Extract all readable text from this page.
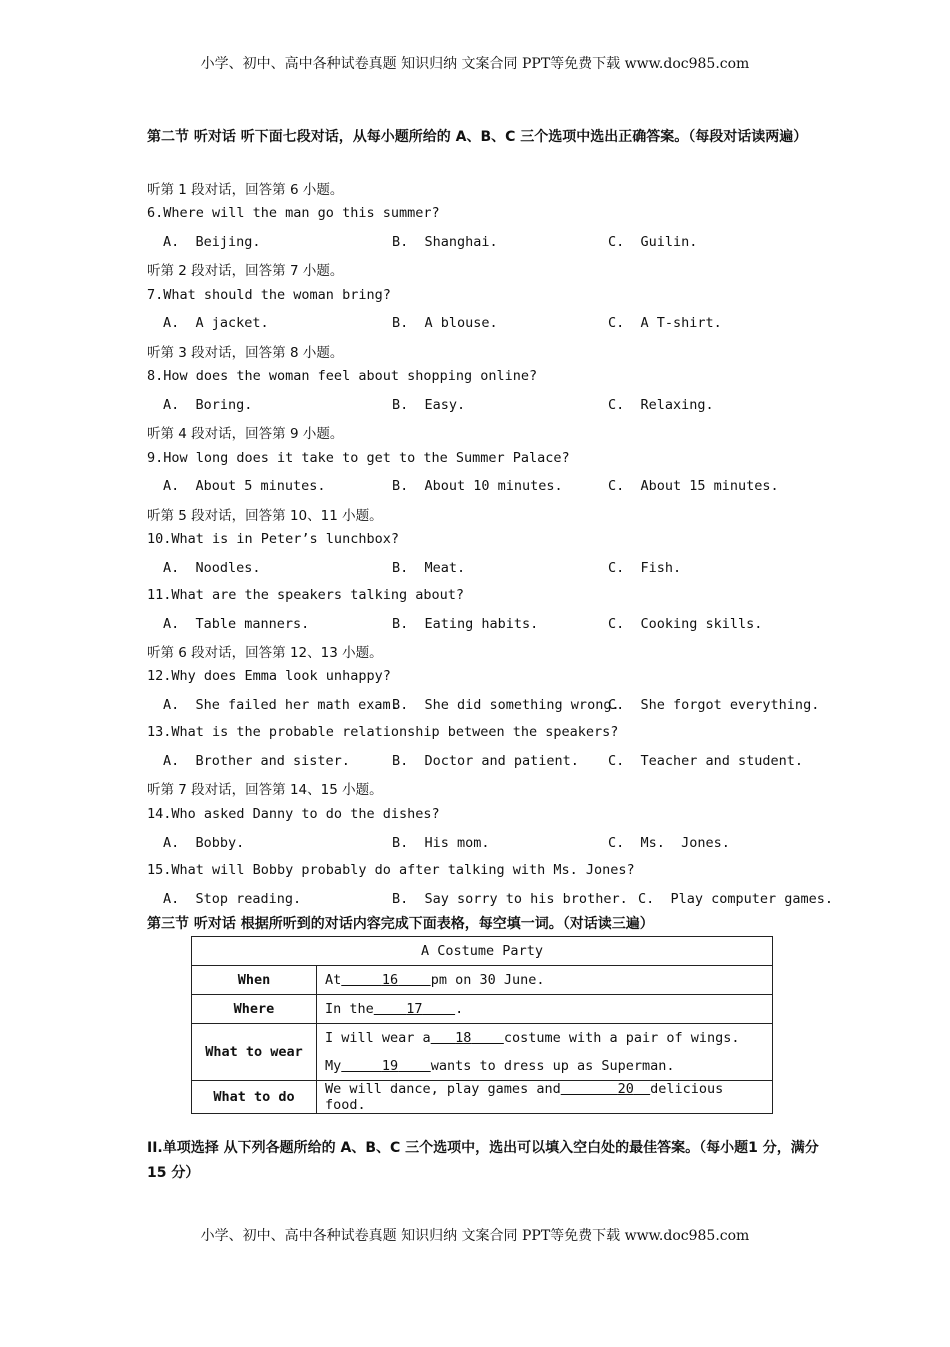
小学、初中、高中各种试卷真题 知识归纳 文案合同 PPT等免费下载 www.doc985.com
第二节 听对话 听下面七段对话，从每小题所给的 A、B、C 三个选项中选出正确答案。（每段对话读两遍）
听第 1 段对话，回答第 6 小题。
6.Where will the man go this summer?
A.  Beijing.	B.  Shanghai.	C.  Guilin.
听第 2 段对话，回答第 7 小题。
7.What should the woman bring?
A.  A jacket.	B.  A blouse.	C.  A T-shirt.
听第 3 段对话，回答第 8 小题。
8.How does the woman feel about shopping online?
A.  Boring.	B.  Easy.	C.  Relaxing.
听第 4 段对话，回答第 9 小题。
9.How long does it take to get to the Summer Palace?
A.  About 5 minutes.	B.  About 10 minutes.	C.  About 15 minutes.
听第 5 段对话，回答第 10、11 小题。
10.What is in Peter’s lunchbox?
A.  Noodles.	B.  Meat.	C.  Fish.
11.What are the speakers talking about?
A.  Table manners.	B.  Eating habits.	C.  Cooking skills.
听第 6 段对话，回答第 12、13 小题。
12.Why does Emma look unhappy?
A.  She failed her math exam.
B.  She did something wrong.
C.  She forgot everything.
13.What is the probable relationship between the speakers?
A.  Brother and sister.	B.  Doctor and patient. C.  Teacher and student.
听第 7 段对话，回答第 14、15 小题。
14.Who asked Danny to do the dishes?
A.  Bobby.	B.  His mom.	C.  Ms.  Jones.
15.What will Bobby probably do after talking with Ms. Jones?
A.  Stop reading.	B.  Say sorry to his brother. C.  Play computer games.
第三节 听对话 根据所听到的对话内容完成下面表格，每空填一词。（对话读三遍）
A Costume Party	
When	At 16 pm on 30 June.
Where	In the 17 .
What to wear	I will wear a 18 costume with a pair of wings.
	My 19 wants to dress up as Superman.
What to do	We will dance, play games and 20 delicious food.
II.单项选择 从下列各题所给的 A、B、C 三个选项中，选出可以填入空白处的最佳答案。（每小题1 分，满分 15 分）
小学、初中、高中各种试卷真题 知识归纳 文案合同 PPT等免费下载 www.doc985.com
